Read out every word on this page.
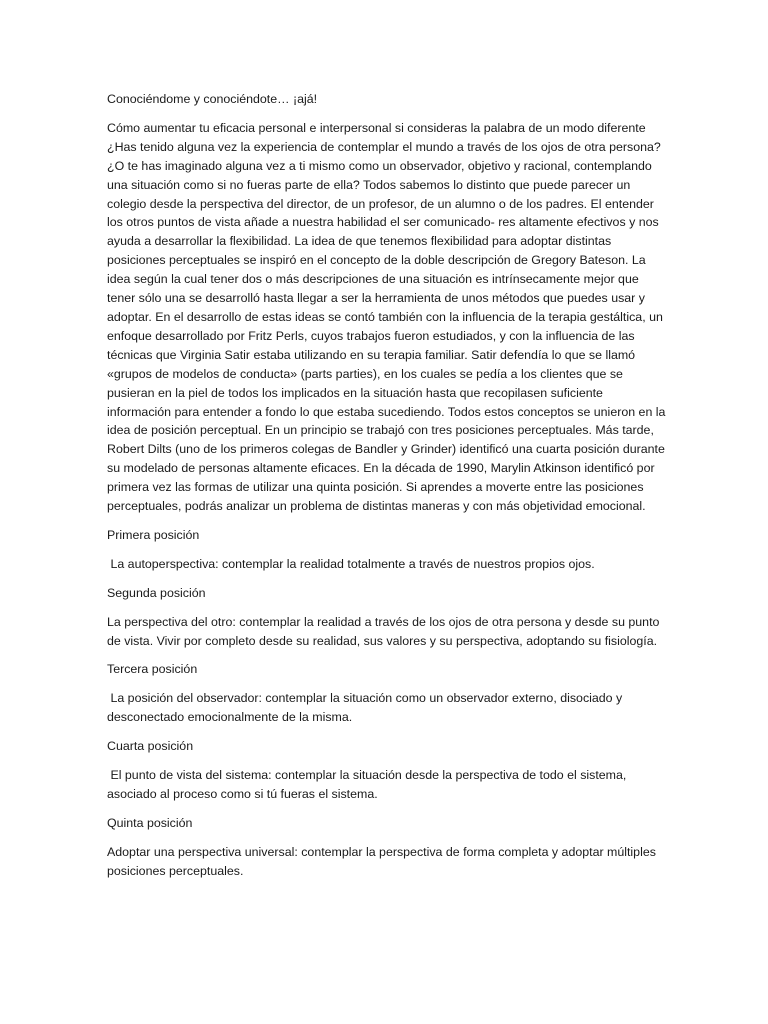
Conociéndome y conociéndote… ¡ajá!

Cómo aumentar tu eficacia personal e interpersonal si consideras la palabra de un modo diferente ¿Has tenido alguna vez la experiencia de contemplar el mundo a través de los ojos de otra persona? ¿O te has imaginado alguna vez a ti mismo como un observador, objetivo y racional, contemplando una situación como si no fueras parte de ella? Todos sabemos lo distinto que puede parecer un colegio desde la perspectiva del director, de un profesor, de un alumno o de los padres. El entender los otros puntos de vista añade a nuestra habilidad el ser comunicado- res altamente efectivos y nos ayuda a desarrollar la flexibilidad. La idea de que tenemos flexibilidad para adoptar distintas posiciones perceptuales se inspiró en el concepto de la doble descripción de Gregory Bateson. La idea según la cual tener dos o más descripciones de una situación es intrínsecamente mejor que tener sólo una se desarrolló hasta llegar a ser la herramienta de unos métodos que puedes usar y adoptar. En el desarrollo de estas ideas se contó también con la influencia de la terapia gestáltica, un enfoque desarrollado por Fritz Perls, cuyos trabajos fueron estudiados, y con la influencia de las técnicas que Virginia Satir estaba utilizando en su terapia familiar. Satir defendía lo que se llamó «grupos de modelos de conducta» (parts parties), en los cuales se pedía a los clientes que se pusieran en la piel de todos los implicados en la situación hasta que recopilasen suficiente información para entender a fondo lo que estaba sucediendo. Todos estos conceptos se unieron en la idea de posición perceptual. En un principio se trabajó con tres posiciones perceptuales. Más tarde, Robert Dilts (uno de los primeros colegas de Bandler y Grinder) identificó una cuarta posición durante su modelado de personas altamente eficaces. En la década de 1990, Marylin Atkinson identificó por primera vez las formas de utilizar una quinta posición. Si aprendes a moverte entre las posiciones perceptuales, podrás analizar un problema de distintas maneras y con más objetividad emocional.

Primera posición

La autoperspectiva: contemplar la realidad totalmente a través de nuestros propios ojos.

Segunda posición

La perspectiva del otro: contemplar la realidad a través de los ojos de otra persona y desde su punto de vista. Vivir por completo desde su realidad, sus valores y su perspectiva, adoptando su fisiología.

Tercera posición

La posición del observador: contemplar la situación como un observador externo, disociado y desconectado emocionalmente de la misma.

Cuarta posición

El punto de vista del sistema: contemplar la situación desde la perspectiva de todo el sistema, asociado al proceso como si tú fueras el sistema.

Quinta posición

Adoptar una perspectiva universal: contemplar la perspectiva de forma completa y adoptar múltiples posiciones perceptuales.
